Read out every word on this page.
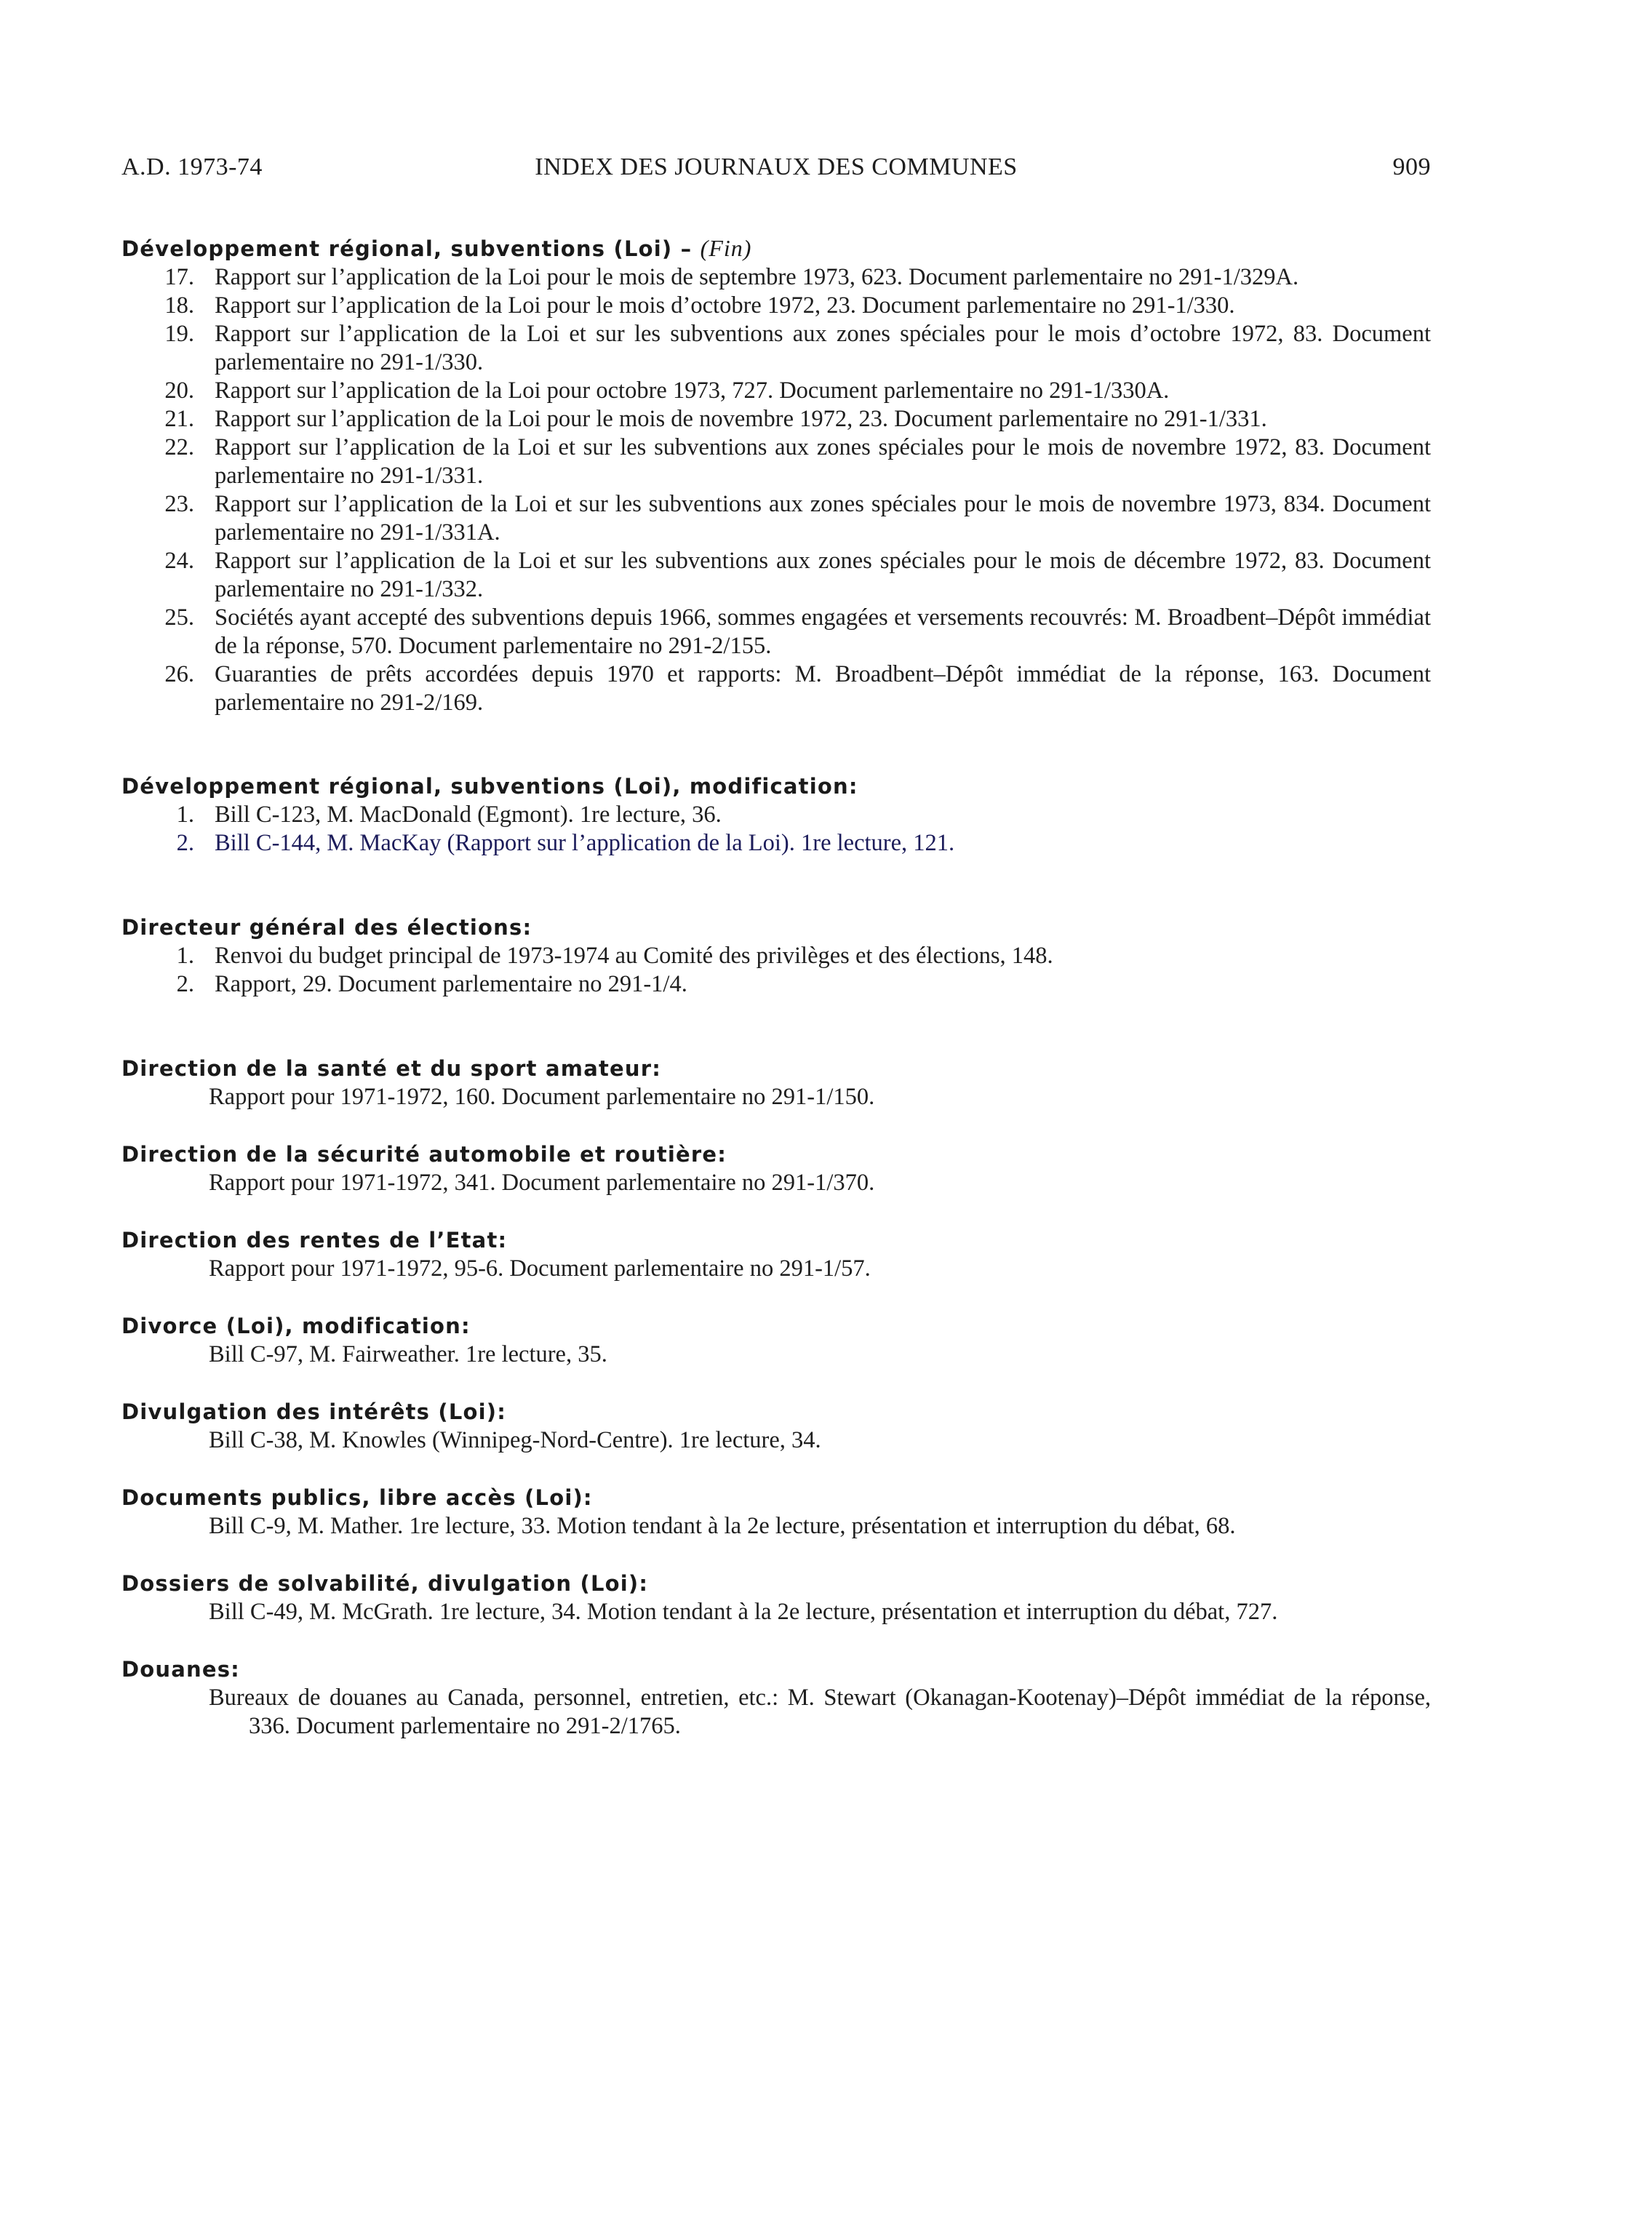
A.D. 1973-74	INDEX DES JOURNAUX DES COMMUNES	909
Développement régional, subventions (Loi) – (Fin)
17. Rapport sur l’application de la Loi pour le mois de septembre 1973, 623. Document parlementaire no 291-1/329A.
18. Rapport sur l’application de la Loi pour le mois d’octobre 1972, 23. Document parlementaire no 291-1/330.
19. Rapport sur l’application de la Loi et sur les subventions aux zones spéciales pour le mois d’octobre 1972, 83. Document parlementaire no 291-1/330.
20. Rapport sur l’application de la Loi pour octobre 1973, 727. Document parlementaire no 291-1/330A.
21. Rapport sur l’application de la Loi pour le mois de novembre 1972, 23. Document parlementaire no 291-1/331.
22. Rapport sur l’application de la Loi et sur les subventions aux zones spéciales pour le mois de novembre 1972, 83. Document parlementaire no 291-1/331.
23. Rapport sur l’application de la Loi et sur les subventions aux zones spéciales pour le mois de novembre 1973, 834. Document parlementaire no 291-1/331A.
24. Rapport sur l’application de la Loi et sur les subventions aux zones spéciales pour le mois de décembre 1972, 83. Document parlementaire no 291-1/332.
25. Sociétés ayant accepté des subventions depuis 1966, sommes engagées et versements recouvrés: M. Broadbent–Dépôt immédiat de la réponse, 570. Document parlementaire no 291-2/155.
26. Guaranties de prêts accordées depuis 1970 et rapports: M. Broadbent–Dépôt immédiat de la réponse, 163. Document parlementaire no 291-2/169.
Développement régional, subventions (Loi), modification:
1. Bill C-123, M. MacDonald (Egmont). 1re lecture, 36.
2. Bill C-144, M. MacKay (Rapport sur l’application de la Loi). 1re lecture, 121.
Directeur général des élections:
1. Renvoi du budget principal de 1973-1974 au Comité des privilèges et des élections, 148.
2. Rapport, 29. Document parlementaire no 291-1/4.
Direction de la santé et du sport amateur:
Rapport pour 1971-1972, 160. Document parlementaire no 291-1/150.
Direction de la sécurité automobile et routière:
Rapport pour 1971-1972, 341. Document parlementaire no 291-1/370.
Direction des rentes de l’Etat:
Rapport pour 1971-1972, 95-6. Document parlementaire no 291-1/57.
Divorce (Loi), modification:
Bill C-97, M. Fairweather. 1re lecture, 35.
Divulgation des intérêts (Loi):
Bill C-38, M. Knowles (Winnipeg-Nord-Centre). 1re lecture, 34.
Documents publics, libre accès (Loi):
Bill C-9, M. Mather. 1re lecture, 33. Motion tendant à la 2e lecture, présentation et interruption du débat, 68.
Dossiers de solvabilité, divulgation (Loi):
Bill C-49, M. McGrath. 1re lecture, 34. Motion tendant à la 2e lecture, présentation et interruption du débat, 727.
Douanes:
Bureaux de douanes au Canada, personnel, entretien, etc.: M. Stewart (Okanagan-Kootenay)–Dépôt immédiat de la réponse, 336. Document parlementaire no 291-2/1765.
